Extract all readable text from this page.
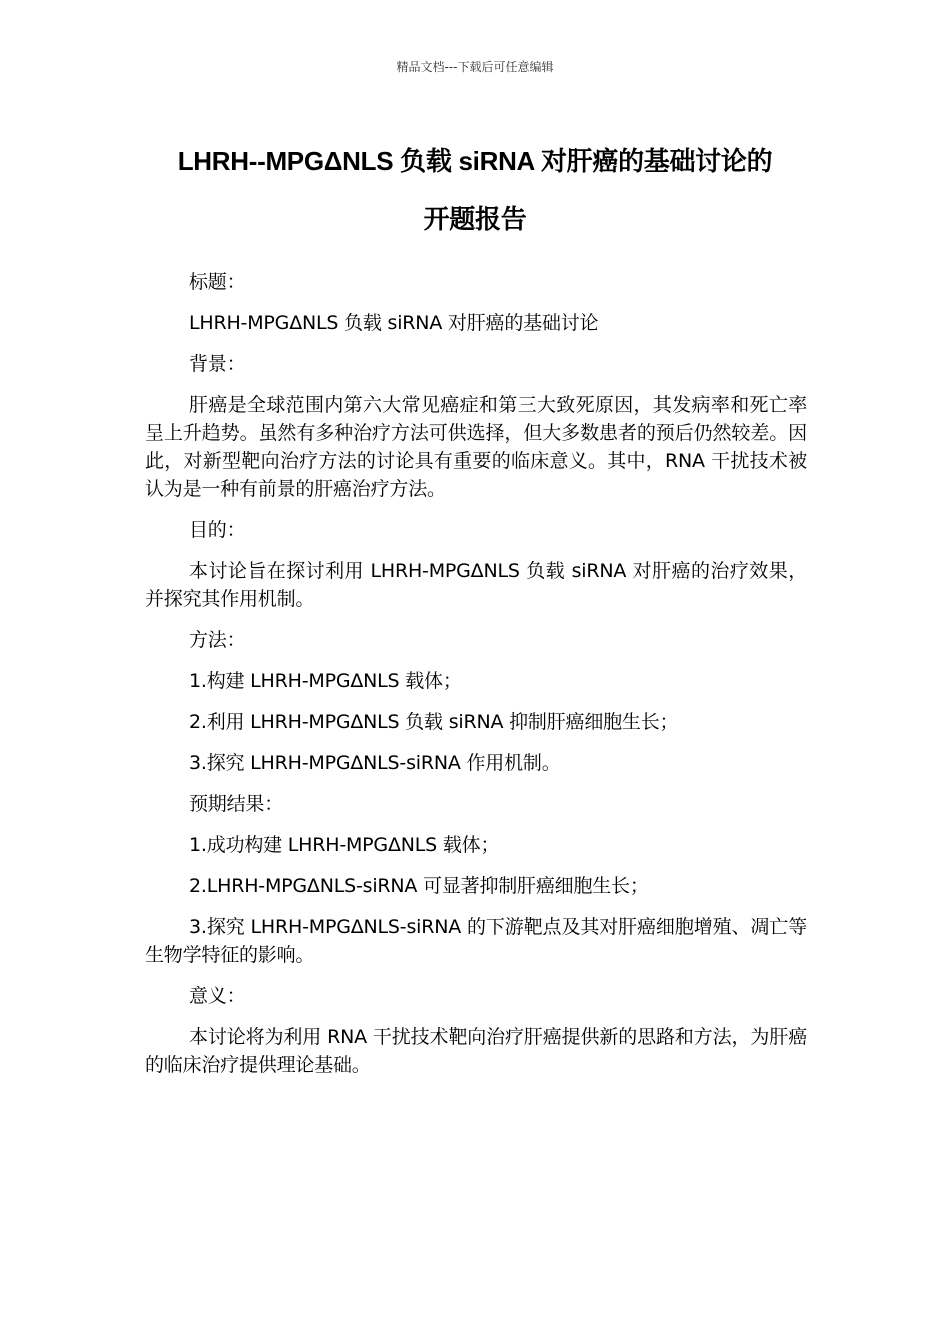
精品文档---下载后可任意编辑
LHRH--MPGΔNLS 负载 siRNA 对肝癌的基础讨论的
开题报告

标题：

LHRH-MPGΔNLS 负载 siRNA 对肝癌的基础讨论

背景：

肝癌是全球范围内第六大常见癌症和第三大致死原因，其发病率和死亡率呈上升趋势。虽然有多种治疗方法可供选择，但大多数患者的预后仍然较差。因此，对新型靶向治疗方法的讨论具有重要的临床意义。其中，RNA 干扰技术被认为是一种有前景的肝癌治疗方法。

目的：

本讨论旨在探讨利用 LHRH-MPGΔNLS 负载 siRNA 对肝癌的治疗效果，并探究其作用机制。

方法：

1.构建 LHRH-MPGΔNLS 载体；

2.利用 LHRH-MPGΔNLS 负载 siRNA 抑制肝癌细胞生长；

3.探究 LHRH-MPGΔNLS-siRNA 作用机制。

预期结果：

1.成功构建 LHRH-MPGΔNLS 载体；

2.LHRH-MPGΔNLS-siRNA 可显著抑制肝癌细胞生长；

3.探究 LHRH-MPGΔNLS-siRNA 的下游靶点及其对肝癌细胞增殖、凋亡等生物学特征的影响。

意义：

本讨论将为利用 RNA 干扰技术靶向治疗肝癌提供新的思路和方法，为肝癌的临床治疗提供理论基础。
